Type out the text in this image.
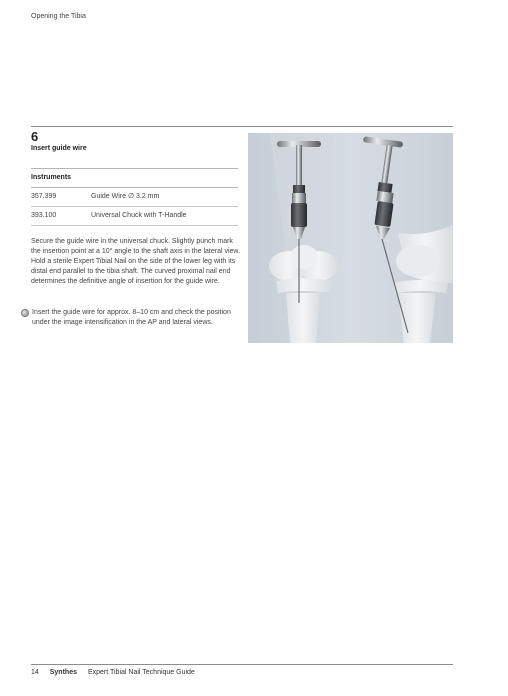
Opening the Tibia
6
Insert guide wire
Instruments
357.399	Guide Wire ∅ 3.2 mm
393.100	Universal Chuck with T-Handle

Secure the guide wire in the universal chuck. Slightly punch mark the insertion point at a 10° angle to the shaft axis in the lateral view. Hold a sterile Expert Tibial Nail on the side of the lower leg with its distal end parallel to the tibia shaft. The curved proximal nail end determines the definitive angle of insertion for the guide wire.

Insert the guide wire for approx. 8–10 cm and check the position under the image intensification in the AP and lateral views.
14 Synthes Expert Tibial Nail Technique Guide
